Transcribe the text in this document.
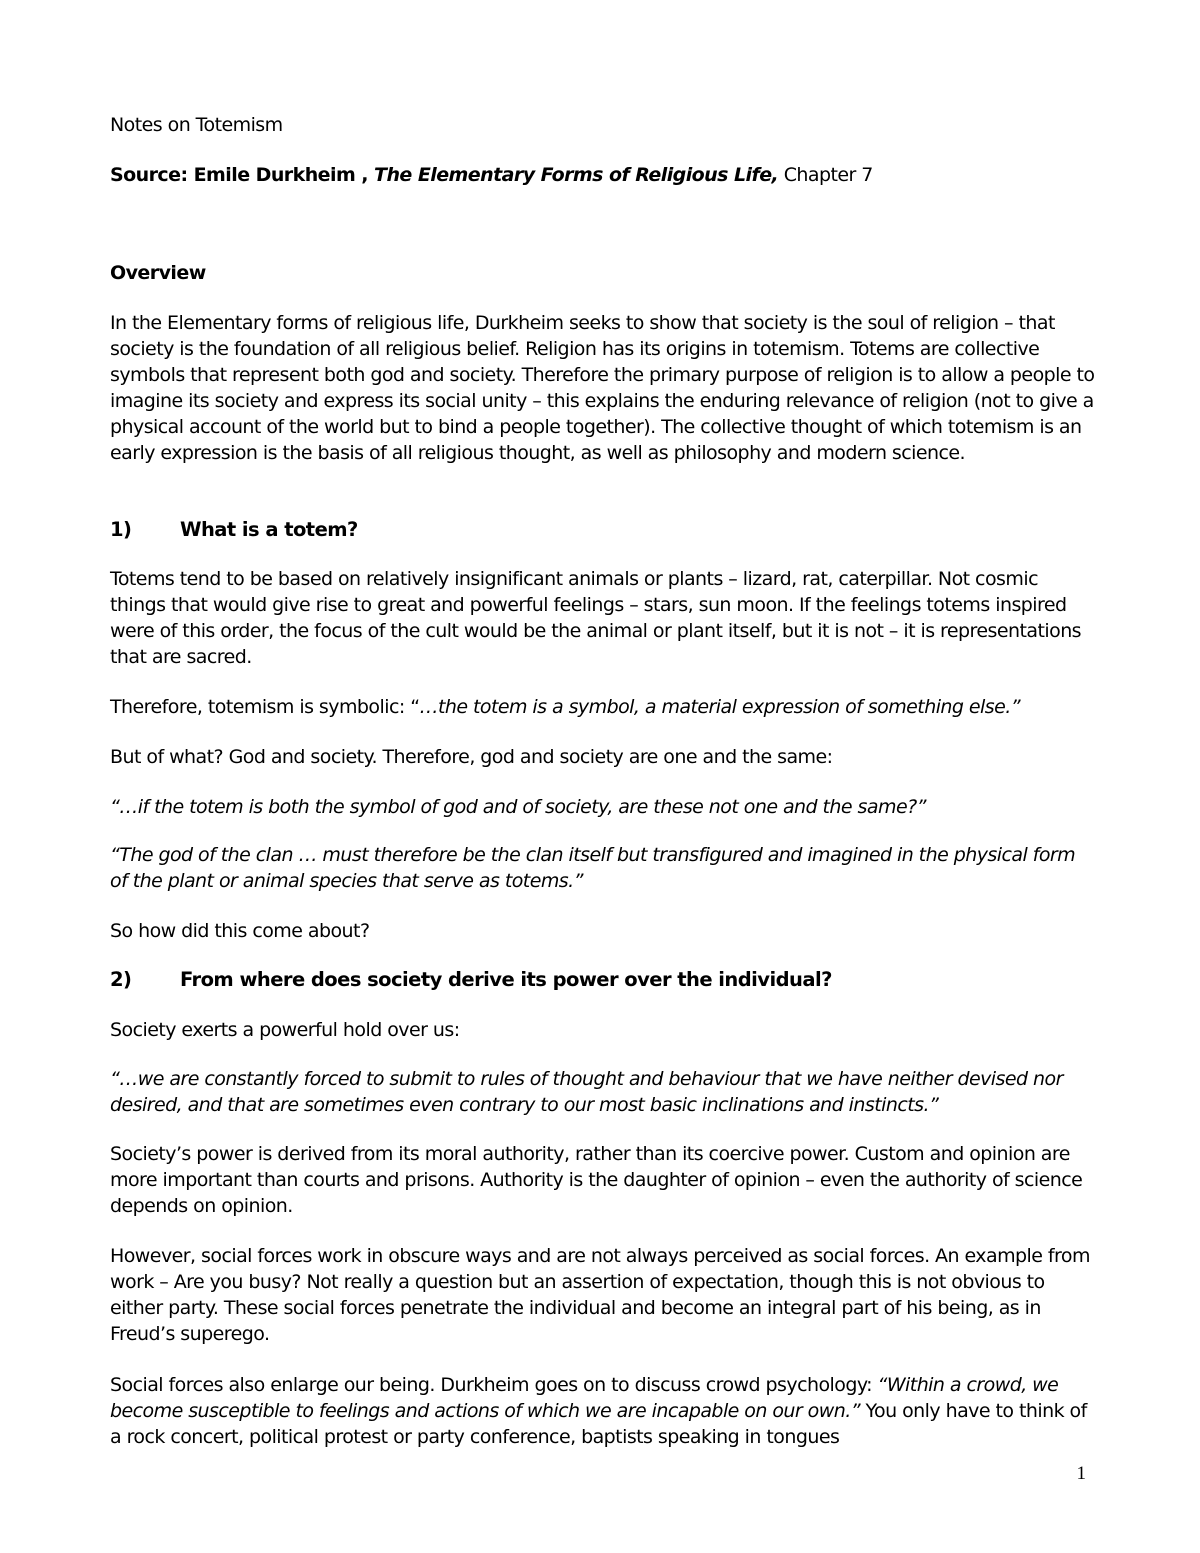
Notes on Totemism

Source: Emile Durkheim , The Elementary Forms of Religious Life, Chapter 7

Overview

In the Elementary forms of religious life, Durkheim seeks to show that society is the soul of religion – that society is the foundation of all religious belief. Religion has its origins in totemism. Totems are collective symbols that represent both god and society. Therefore the primary purpose of religion is to allow a people to imagine its society and express its social unity – this explains the enduring relevance of religion (not to give a physical account of the world but to bind a people together). The collective thought of which totemism is an early expression is the basis of all religious thought, as well as philosophy and modern science.

1) What is a totem?

Totems tend to be based on relatively insignificant animals or plants – lizard, rat, caterpillar. Not cosmic things that would give rise to great and powerful feelings – stars, sun moon. If the feelings totems inspired were of this order, the focus of the cult would be the animal or plant itself, but it is not – it is representations that are sacred.

Therefore, totemism is symbolic: “…the totem is a symbol, a material expression of something else.”

But of what? God and society. Therefore, god and society are one and the same:

“…if the totem is both the symbol of god and of society, are these not one and the same?”

“The god of the clan … must therefore be the clan itself but transfigured and imagined in the physical form of the plant or animal species that serve as totems.”

So how did this come about?

2) From where does society derive its power over the individual?

Society exerts a powerful hold over us:

“…we are constantly forced to submit to rules of thought and behaviour that we have neither devised nor desired, and that are sometimes even contrary to our most basic inclinations and instincts.”

Society’s power is derived from its moral authority, rather than its coercive power. Custom and opinion are more important than courts and prisons. Authority is the daughter of opinion – even the authority of science depends on opinion.

However, social forces work in obscure ways and are not always perceived as social forces. An example from work – Are you busy? Not really a question but an assertion of expectation, though this is not obvious to either party. These social forces penetrate the individual and become an integral part of his being, as in Freud’s superego.

Social forces also enlarge our being. Durkheim goes on to discuss crowd psychology: “Within a crowd, we become susceptible to feelings and actions of which we are incapable on our own.” You only have to think of a rock concert, political protest or party conference, baptists speaking in tongues

1
